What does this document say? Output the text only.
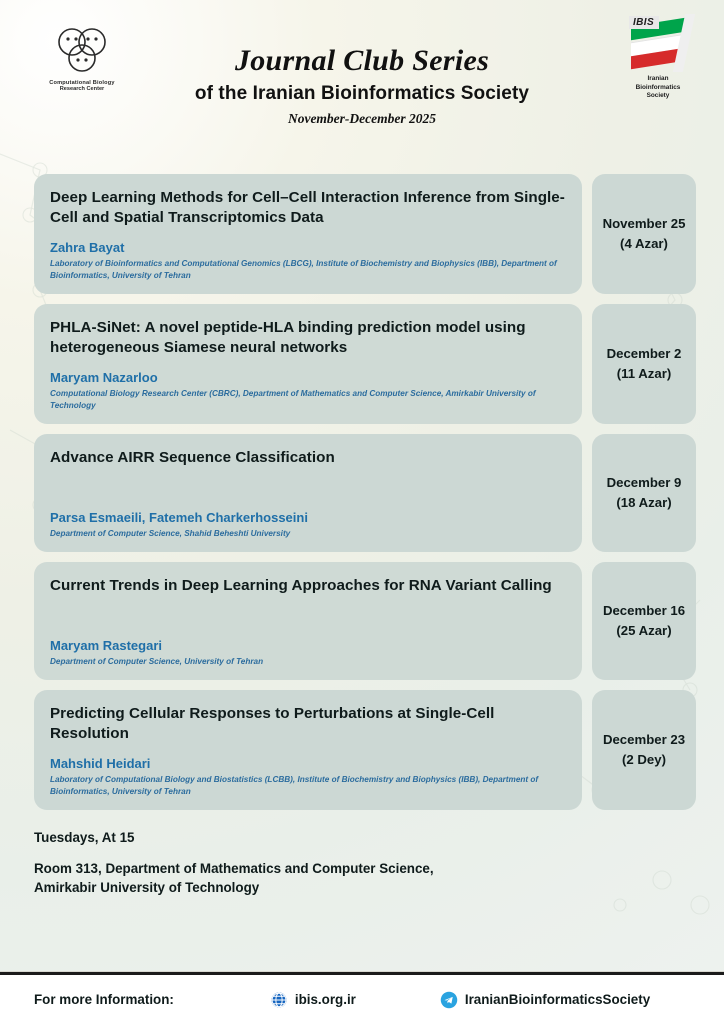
Computational Biology
Research Center
Journal Club Series
of the Iranian Bioinformatics Society
November-December 2025
IBIS
Iranian
Bioinformatics
Society
Deep Learning Methods for Cell–Cell Interaction Inference from Single-Cell and Spatial Transcriptomics Data
Zahra Bayat
Laboratory of Bioinformatics and Computational Genomics (LBCG), Institute of Biochemistry and Biophysics (IBB), Department of Bioinformatics, University of Tehran
November 25
(4 Azar)
PHLA-SiNet: A novel peptide-HLA binding prediction model using heterogeneous Siamese neural networks
Maryam Nazarloo
Computational Biology Research Center (CBRC), Department of Mathematics and Computer Science, Amirkabir University of Technology
December 2
(11 Azar)
Advance AIRR Sequence Classification
Parsa Esmaeili, Fatemeh Charkerhosseini
Department of Computer Science, Shahid Beheshti University
December 9
(18 Azar)
Current Trends in Deep Learning Approaches for RNA Variant Calling
Maryam Rastegari
Department of Computer Science, University of Tehran
December 16
(25 Azar)
Predicting Cellular Responses to Perturbations at Single-Cell Resolution
Mahshid Heidari
Laboratory of Computational Biology and Biostatistics (LCBB), Institute of Biochemistry and Biophysics (IBB), Department of Bioinformatics, University of Tehran
December 23
(2 Dey)
Tuesdays, At 15
Room 313, Department of Mathematics and Computer Science,
Amirkabir University of Technology
For more Information:	ibis.org.ir	IranianBioinformaticsSociety
